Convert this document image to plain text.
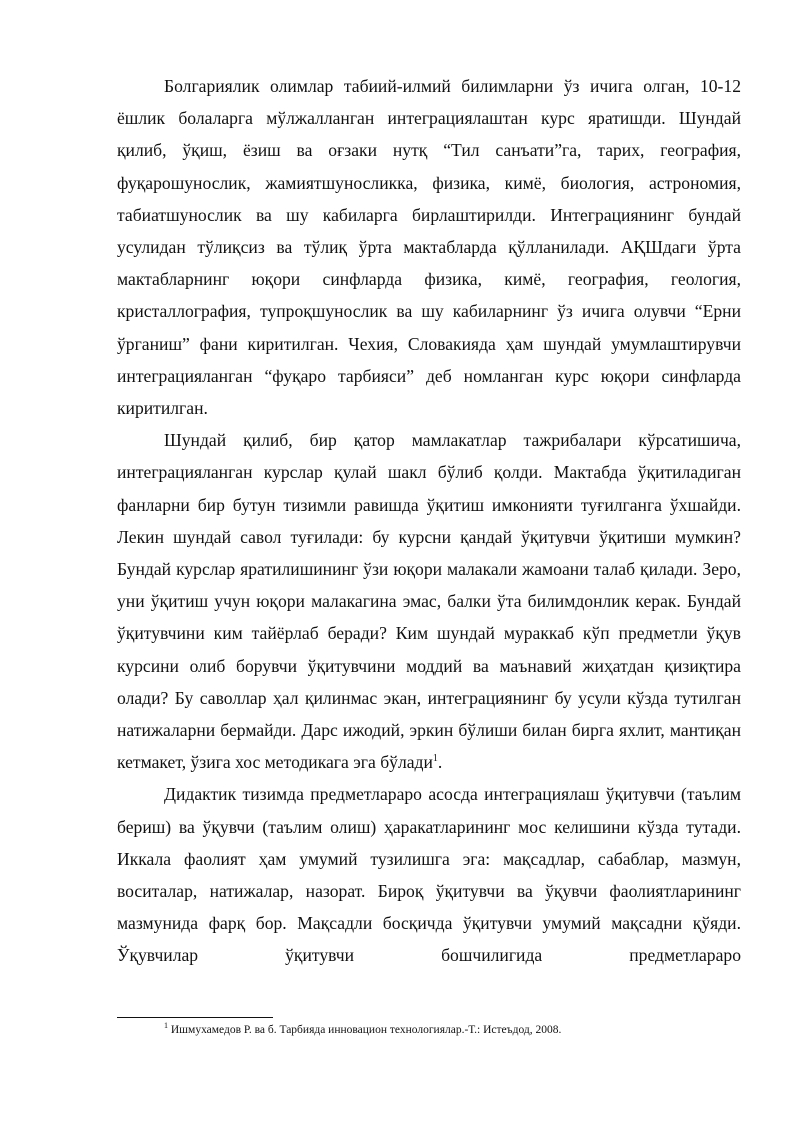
Болгариялик олимлар табиий-илмий билимларни ўз ичига олган, 10-12 ёшлик болаларга мўлжалланган интеграциялаштан курс яратишди. Шундай қилиб, ўқиш, ёзиш ва оғзаки нутқ “Тил санъати”га, тарих, география, фуқарошунослик, жамиятшуносликка, физика, кимё, биология, астрономия, табиатшунослик ва шу кабиларга бирлаштирилди. Интеграциянинг бундай усулидан тўлиқсиз ва тўлиқ ўрта мактабларда қўлланилади. АҚШдаги ўрта мактабларнинг юқори синфларда физика, кимё, география, геология, кристаллография, тупроқшунослик ва шу кабиларнинг ўз ичига олувчи “Ерни ўрганиш” фани киритилган. Чехия, Словакияда ҳам шундай умумлаштирувчи интеграцияланган “фуқаро тарбияси” деб номланган курс юқори синфларда киритилган.

Шундай қилиб, бир қатор мамлакатлар тажрибалари кўрсатишича, интеграцияланган курслар қулай шакл бўлиб қолди. Мактабда ўқитиладиган фанларни бир бутун тизимли равишда ўқитиш имконияти туғилганга ўхшайди. Лекин шундай савол туғилади: бу курсни қандай ўқитувчи ўқитиши мумкин? Бундай курслар яратилишининг ўзи юқори малакали жамоани талаб қилади. Зеро, уни ўқитиш учун юқори малакагина эмас, балки ўта билимдонлик керак. Бундай ўқитувчини ким тайёрлаб беради? Ким шундай мураккаб кўп предметли ўқув курсини олиб борувчи ўқитувчини моддий ва маънавий жиҳатдан қизиқтира олади? Бу саволлар ҳал қилинмас экан, интеграциянинг бу усули кўзда тутилган натижаларни бермайди. Дарс ижодий, эркин бўлиши билан бирга яхлит, мантиқан кетмакет, ўзига хос методикага эга бўлади$^1$.

Дидактик тизимда предметлараро асосда интеграциялаш ўқитувчи (таълим бериш) ва ўқувчи (таълим олиш) ҳаракатларининг мос келишини кўзда тутади. Иккала фаолият ҳам умумий тузилишга эга: мақсадлар, сабаблар, мазмун, воситалар, натижалар, назорат. Бироқ ўқитувчи ва ўқувчи фаолиятларининг мазмунида фарқ бор. Мақсадли босқичда ўқитувчи умумий мақсадни қўяди. Ўқувчилар ўқитувчи бошчилигида предметлараро

$^1$ Ишмухамедов Р. ва б. Тарбияда инновацион технологиялар.-Т.: Истеъдод, 2008.
